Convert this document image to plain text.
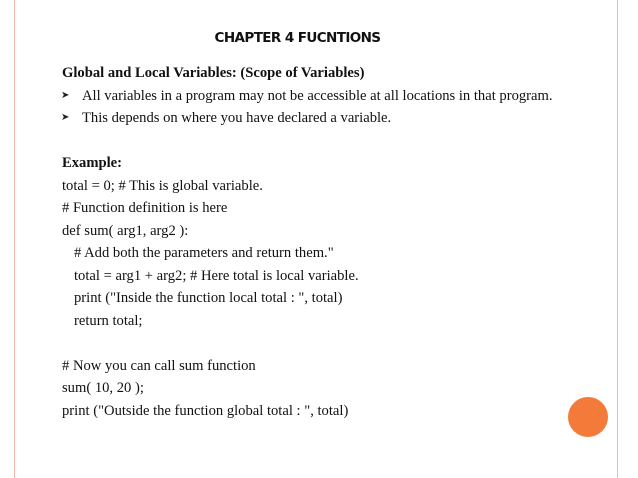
CHAPTER 4 FUCNTIONS
Global and Local Variables: (Scope of Variables)
➤ All variables in a program may not be accessible at all locations in that program.
➤ This depends on where you have declared a variable.
Example:
total = 0; # This is global variable.
# Function definition is here
def sum( arg1, arg2 ):
# Add both the parameters and return them."
total = arg1 + arg2; # Here total is local variable.
print ("Inside the function local total : ", total)
return total;
# Now you can call sum function
sum( 10, 20 );
print ("Outside the function global total : ", total)
